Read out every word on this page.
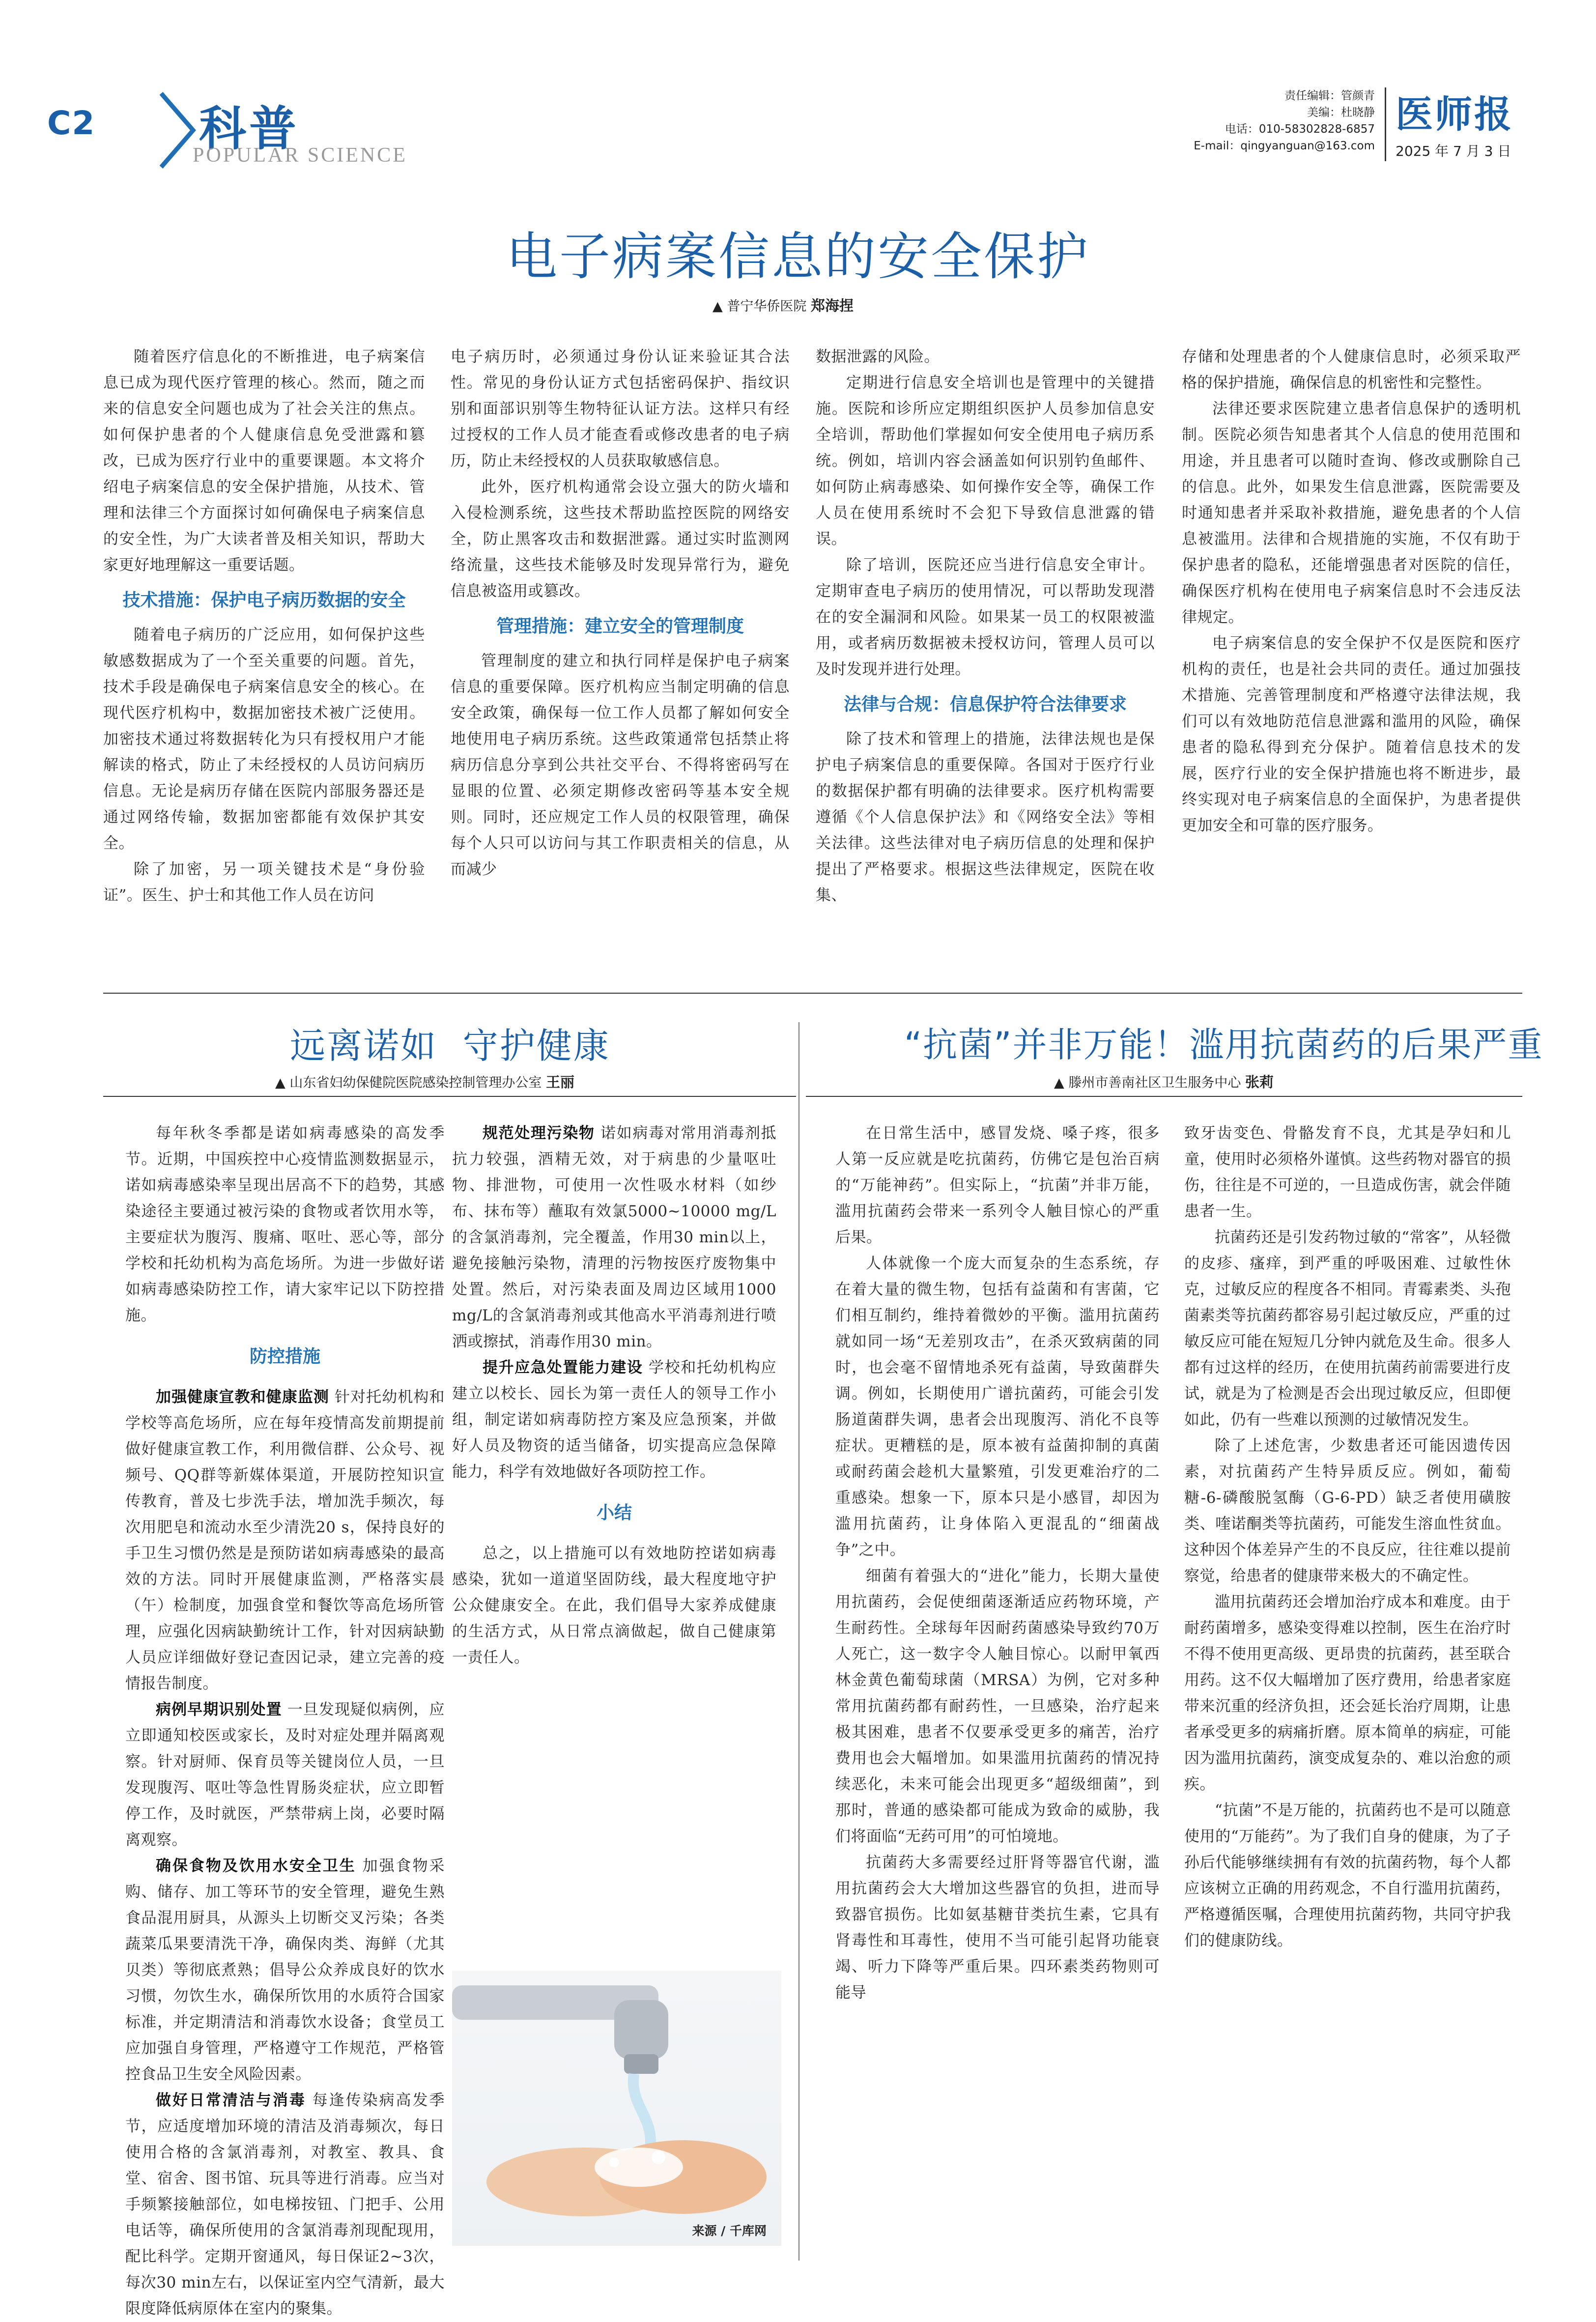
C2 科普
POPULAR SCIENCE
责任编辑：管颜青
美编：杜晓静
电话：010-58302828-6857
E-mail：qingyanguan@163.com
医师报
2025 年 7 月 3 日
电子病案信息的安全保护
▲ 普宁华侨医院 郑海捏

随着医疗信息化的不断推进，电子病案信息已成为现代医疗管理的核心。然而，随之而来的信息安全问题也成为了社会关注的焦点。如何保护患者的个人健康信息免受泄露和篡改，已成为医疗行业中的重要课题。本文将介绍电子病案信息的安全保护措施，从技术、管理和法律三个方面探讨如何确保电子病案信息的安全性，为广大读者普及相关知识，帮助大家更好地理解这一重要话题。

技术措施：保护电子病历数据的安全

随着电子病历的广泛应用，如何保护这些敏感数据成为了一个至关重要的问题。首先，技术手段是确保电子病案信息安全的核心。在现代医疗机构中，数据加密技术被广泛使用。加密技术通过将数据转化为只有授权用户才能解读的格式，防止了未经授权的人员访问病历信息。无论是病历存储在医院内部服务器还是通过网络传输，数据加密都能有效保护其安全。

除了加密，另一项关键技术是“身份验证”。医生、护士和其他工作人员在访问

电子病历时，必须通过身份认证来验证其合法性。常见的身份认证方式包括密码保护、指纹识别和面部识别等生物特征认证方法。这样只有经过授权的工作人员才能查看或修改患者的电子病历，防止未经授权的人员获取敏感信息。

此外，医疗机构通常会设立强大的防火墙和入侵检测系统，这些技术帮助监控医院的网络安全，防止黑客攻击和数据泄露。通过实时监测网络流量，这些技术能够及时发现异常行为，避免信息被盗用或篡改。

管理措施：建立安全的管理制度

管理制度的建立和执行同样是保护电子病案信息的重要保障。医疗机构应当制定明确的信息安全政策，确保每一位工作人员都了解如何安全地使用电子病历系统。这些政策通常包括禁止将病历信息分享到公共社交平台、不得将密码写在显眼的位置、必须定期修改密码等基本安全规则。同时，还应规定工作人员的权限管理，确保每个人只可以访问与其工作职责相关的信息，从而减少

数据泄露的风险。

定期进行信息安全培训也是管理中的关键措施。医院和诊所应定期组织医护人员参加信息安全培训，帮助他们掌握如何安全使用电子病历系统。例如，培训内容会涵盖如何识别钓鱼邮件、如何防止病毒感染、如何操作安全等，确保工作人员在使用系统时不会犯下导致信息泄露的错误。

除了培训，医院还应当进行信息安全审计。定期审查电子病历的使用情况，可以帮助发现潜在的安全漏洞和风险。如果某一员工的权限被滥用，或者病历数据被未授权访问，管理人员可以及时发现并进行处理。

法律与合规：信息保护符合法律要求

除了技术和管理上的措施，法律法规也是保护电子病案信息的重要保障。各国对于医疗行业的数据保护都有明确的法律要求。医疗机构需要遵循《个人信息保护法》和《网络安全法》等相关法律。这些法律对电子病历信息的处理和保护提出了严格要求。根据这些法律规定，医院在收集、

存储和处理患者的个人健康信息时，必须采取严格的保护措施，确保信息的机密性和完整性。

法律还要求医院建立患者信息保护的透明机制。医院必须告知患者其个人信息的使用范围和用途，并且患者可以随时查询、修改或删除自己的信息。此外，如果发生信息泄露，医院需要及时通知患者并采取补救措施，避免患者的个人信息被滥用。法律和合规措施的实施，不仅有助于保护患者的隐私，还能增强患者对医院的信任，确保医疗机构在使用电子病案信息时不会违反法律规定。

电子病案信息的安全保护不仅是医院和医疗机构的责任，也是社会共同的责任。通过加强技术措施、完善管理制度和严格遵守法律法规，我们可以有效地防范信息泄露和滥用的风险，确保患者的隐私得到充分保护。随着信息技术的发展，医疗行业的安全保护措施也将不断进步，最终实现对电子病案信息的全面保护，为患者提供更加安全和可靠的医疗服务。

远离诺如  守护健康
▲ 山东省妇幼保健院医院感染控制管理办公室 王丽

每年秋冬季都是诺如病毒感染的高发季节。近期，中国疾控中心疫情监测数据显示，诺如病毒感染率呈现出居高不下的趋势，其感染途径主要通过被污染的食物或者饮用水等，主要症状为腹泻、腹痛、呕吐、恶心等，部分学校和托幼机构为高危场所。为进一步做好诺如病毒感染防控工作，请大家牢记以下防控措施。

防控措施

加强健康宣教和健康监测 针对托幼机构和学校等高危场所，应在每年疫情高发前期提前做好健康宣教工作，利用微信群、公众号、视频号、QQ群等新媒体渠道，开展防控知识宣传教育，普及七步洗手法，增加洗手频次，每次用肥皂和流动水至少清洗20 s，保持良好的手卫生习惯仍然是是预防诺如病毒感染的最高效的方法。同时开展健康监测，严格落实晨（午）检制度，加强食堂和餐饮等高危场所管理，应强化因病缺勤统计工作，针对因病缺勤人员应详细做好登记查因记录，建立完善的疫情报告制度。

病例早期识别处置 一旦发现疑似病例，应立即通知校医或家长，及时对症处理并隔离观察。针对厨师、保育员等关键岗位人员，一旦发现腹泻、呕吐等急性胃肠炎症状，应立即暂停工作，及时就医，严禁带病上岗，必要时隔离观察。

确保食物及饮用水安全卫生 加强食物采购、储存、加工等环节的安全管理，避免生熟食品混用厨具，从源头上切断交叉污染；各类蔬菜瓜果要清洗干净，确保肉类、海鲜（尤其贝类）等彻底煮熟；倡导公众养成良好的饮水习惯，勿饮生水，确保所饮用的水质符合国家标准，并定期清洁和消毒饮水设备；食堂员工应加强自身管理，严格遵守工作规范，严格管控食品卫生安全风险因素。

做好日常清洁与消毒 每逢传染病高发季节，应适度增加环境的清洁及消毒频次，每日使用合格的含氯消毒剂，对教室、教具、食堂、宿舍、图书馆、玩具等进行消毒。应当对手频繁接触部位，如电梯按钮、门把手、公用电话等，确保所使用的含氯消毒剂现配现用，配比科学。定期开窗通风，每日保证2~3次，每次30 min左右，以保证室内空气清新，最大限度降低病原体在室内的聚集。

规范处理污染物 诺如病毒对常用消毒剂抵抗力较强，酒精无效，对于病患的少量呕吐物、排泄物，可使用一次性吸水材料（如纱布、抹布等）蘸取有效氯5000~10000 mg/L的含氯消毒剂，完全覆盖，作用30 min以上，避免接触污染物，清理的污物按医疗废物集中处置。然后，对污染表面及周边区域用1000 mg/L的含氯消毒剂或其他高水平消毒剂进行喷洒或擦拭，消毒作用30 min。

提升应急处置能力建设 学校和托幼机构应建立以校长、园长为第一责任人的领导工作小组，制定诺如病毒防控方案及应急预案，并做好人员及物资的适当储备，切实提高应急保障能力，科学有效地做好各项防控工作。

小结

总之，以上措施可以有效地防控诺如病毒感染，犹如一道道坚固防线，最大程度地守护公众健康安全。在此，我们倡导大家养成健康的生活方式，从日常点滴做起，做自己健康第一责任人。

来源 / 千库网
“抗菌”并非万能！滥用抗菌药的后果严重
▲ 滕州市善南社区卫生服务中心 张莉

在日常生活中，感冒发烧、嗓子疼，很多人第一反应就是吃抗菌药，仿佛它是包治百病的“万能神药”。但实际上，“抗菌”并非万能，滥用抗菌药会带来一系列令人触目惊心的严重后果。

人体就像一个庞大而复杂的生态系统，存在着大量的微生物，包括有益菌和有害菌，它们相互制约，维持着微妙的平衡。滥用抗菌药就如同一场“无差别攻击”，在杀灭致病菌的同时，也会毫不留情地杀死有益菌，导致菌群失调。例如，长期使用广谱抗菌药，可能会引发肠道菌群失调，患者会出现腹泻、消化不良等症状。更糟糕的是，原本被有益菌抑制的真菌或耐药菌会趁机大量繁殖，引发更难治疗的二重感染。想象一下，原本只是小感冒，却因为滥用抗菌药，让身体陷入更混乱的“细菌战争”之中。

细菌有着强大的“进化”能力，长期大量使用抗菌药，会促使细菌逐渐适应药物环境，产生耐药性。全球每年因耐药菌感染导致约70万人死亡，这一数字令人触目惊心。以耐甲氧西林金黄色葡萄球菌（MRSA）为例，它对多种常用抗菌药都有耐药性，一旦感染，治疗起来极其困难，患者不仅要承受更多的痛苦，治疗费用也会大幅增加。如果滥用抗菌药的情况持续恶化，未来可能会出现更多“超级细菌”，到那时，普通的感染都可能成为致命的威胁，我们将面临“无药可用”的可怕境地。

抗菌药大多需要经过肝肾等器官代谢，滥用抗菌药会大大增加这些器官的负担，进而导致器官损伤。比如氨基糖苷类抗生素，它具有肾毒性和耳毒性，使用不当可能引起肾功能衰竭、听力下降等严重后果。四环素类药物则可能导

致牙齿变色、骨骼发育不良，尤其是孕妇和儿童，使用时必须格外谨慎。这些药物对器官的损伤，往往是不可逆的，一旦造成伤害，就会伴随患者一生。

抗菌药还是引发药物过敏的“常客”，从轻微的皮疹、瘙痒，到严重的呼吸困难、过敏性休克，过敏反应的程度各不相同。青霉素类、头孢菌素类等抗菌药都容易引起过敏反应，严重的过敏反应可能在短短几分钟内就危及生命。很多人都有过这样的经历，在使用抗菌药前需要进行皮试，就是为了检测是否会出现过敏反应，但即便如此，仍有一些难以预测的过敏情况发生。

除了上述危害，少数患者还可能因遗传因素，对抗菌药产生特异质反应。例如，葡萄糖-6-磷酸脱氢酶（G-6-PD）缺乏者使用磺胺类、喹诺酮类等抗菌药，可能发生溶血性贫血。这种因个体差异产生的不良反应，往往难以提前察觉，给患者的健康带来极大的不确定性。

滥用抗菌药还会增加治疗成本和难度。由于耐药菌增多，感染变得难以控制，医生在治疗时不得不使用更高级、更昂贵的抗菌药，甚至联合用药。这不仅大幅增加了医疗费用，给患者家庭带来沉重的经济负担，还会延长治疗周期，让患者承受更多的病痛折磨。原本简单的病症，可能因为滥用抗菌药，演变成复杂的、难以治愈的顽疾。

“抗菌”不是万能的，抗菌药也不是可以随意使用的“万能药”。为了我们自身的健康，为了子孙后代能够继续拥有有效的抗菌药物，每个人都应该树立正确的用药观念，不自行滥用抗菌药，严格遵循医嘱，合理使用抗菌药物，共同守护我们的健康防线。
